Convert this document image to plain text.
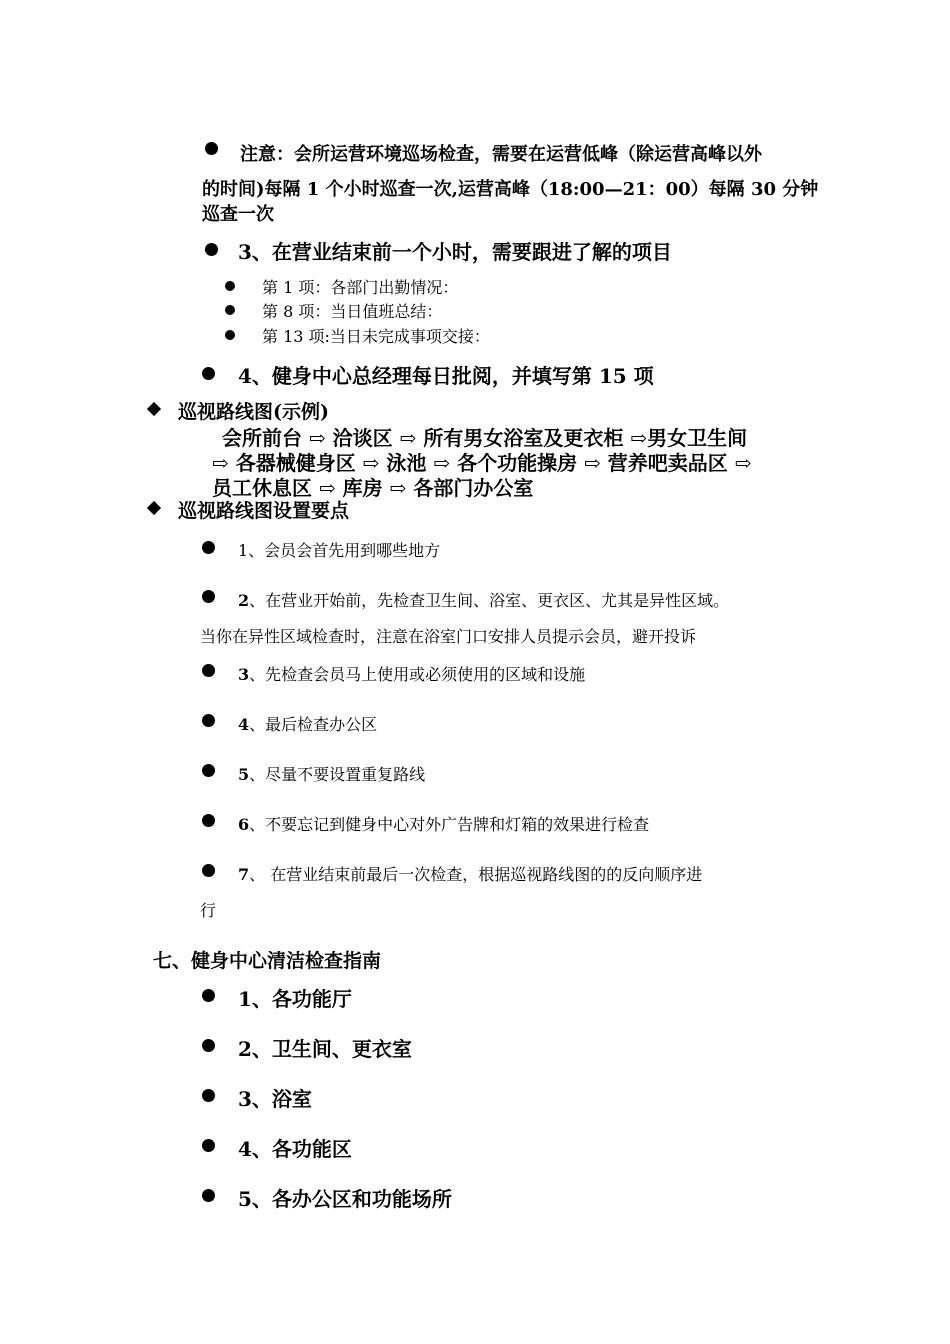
注意：会所运营环境巡场检查，需要在运营低峰（除运营高峰以外
的时间)每隔 1 个小时巡查一次,运营高峰（18:00—21：00）每隔 30 分钟
巡查一次
3、在营业结束前一个小时，需要跟进了解的项目
第 1 项：各部门出勤情况：
第 8 项：当日值班总结：
第 13 项:当日未完成事项交接：
4、健身中心总经理每日批阅，并填写第 15 项
巡视路线图(示例)
会所前台 ⇨ 洽谈区 ⇨ 所有男女浴室及更衣柜 ⇨男女卫生间
⇨ 各器械健身区 ⇨ 泳池 ⇨ 各个功能操房 ⇨ 营养吧卖品区 ⇨
员工休息区 ⇨ 库房 ⇨ 各部门办公室
巡视路线图设置要点
1、会员会首先用到哪些地方
2、在营业开始前，先检查卫生间、浴室、更衣区、尤其是异性区域。
当你在异性区域检查时，注意在浴室门口安排人员提示会员，避开投诉
3、先检查会员马上使用或必须使用的区域和设施
4、最后检查办公区
5、尽量不要设置重复路线
6、不要忘记到健身中心对外广告牌和灯箱的效果进行检查
7、 在营业结束前最后一次检查，根据巡视路线图的的反向顺序进
行
七、健身中心清洁检查指南
1、各功能厅
2、卫生间、更衣室
3、浴室
4、各功能区
5、各办公区和功能场所
